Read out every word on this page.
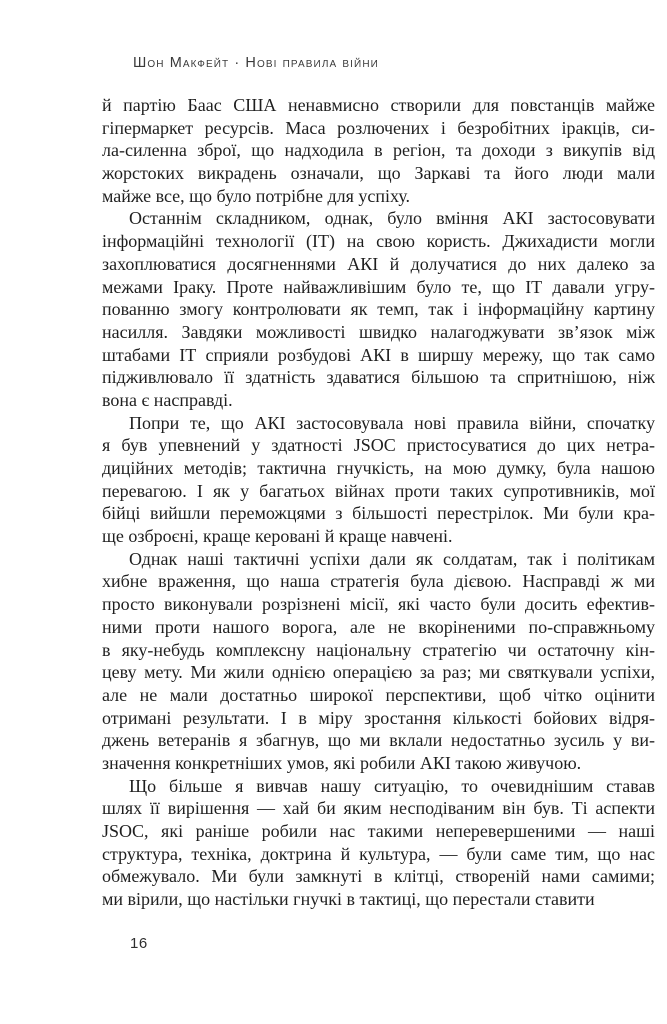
Шон Макфейт · Нові правила війни
й партію Баас США ненавмисно створили для повстанців майже
гіпермаркет ресурсів. Маса розлючених і безробітних іракців, си-
ла-силенна зброї, що надходила в регіон, та доходи з викупів від
жорстоких викрадень означали, що Заркаві та його люди мали
майже все, що було потрібне для успіху.
Останнім складником, однак, було вміння АКІ застосовувати
інформаційні технології (ІТ) на свою користь. Джихадисти могли
захоплюватися досягненнями АКІ й долучатися до них далеко за
межами Іраку. Проте найважливішим було те, що ІТ давали угру-
пованню змогу контролювати як темп, так і інформаційну картину
насилля. Завдяки можливості швидко налагоджувати зв’язок між
штабами ІТ сприяли розбудові АКІ в ширшу мережу, що так само
підживлювало її здатність здаватися більшою та спритнішою, ніж
вона є насправді.
Попри те, що АКІ застосовувала нові правила війни, спочатку
я був упевнений у здатності JSOC пристосуватися до цих нетра-
диційних методів; тактична гнучкість, на мою думку, була нашою
перевагою. І як у багатьох війнах проти таких супротивників, мої
бійці вийшли переможцями з більшості перестрілок. Ми були кра-
ще озброєні, краще керовані й краще навчені.
Однак наші тактичні успіхи дали як солдатам, так і політикам
хибне враження, що наша стратегія була дієвою. Насправді ж ми
просто виконували розрізнені місії, які часто були досить ефектив-
ними проти нашого ворога, але не вкоріненими по-справжньому
в яку-небудь комплексну національну стратегію чи остаточну кін-
цеву мету. Ми жили однією операцією за раз; ми святкували успіхи,
але не мали достатньо широкої перспективи, щоб чітко оцінити
отримані результати. І в міру зростання кількості бойових відря-
джень ветеранів я збагнув, що ми вклали недостатньо зусиль у ви-
значення конкретніших умов, які робили АКІ такою живучою.
Що більше я вивчав нашу ситуацію, то очевиднішим ставав
шлях її вирішення — хай би яким несподіваним він був. Ті аспекти
JSOC, які раніше робили нас такими неперевершеними — наші
структура, техніка, доктрина й культура, — були саме тим, що нас
обмежувало. Ми були замкнуті в клітці, створеній нами самими;
ми вірили, що настільки гнучкі в тактиці, що перестали ставити
16
